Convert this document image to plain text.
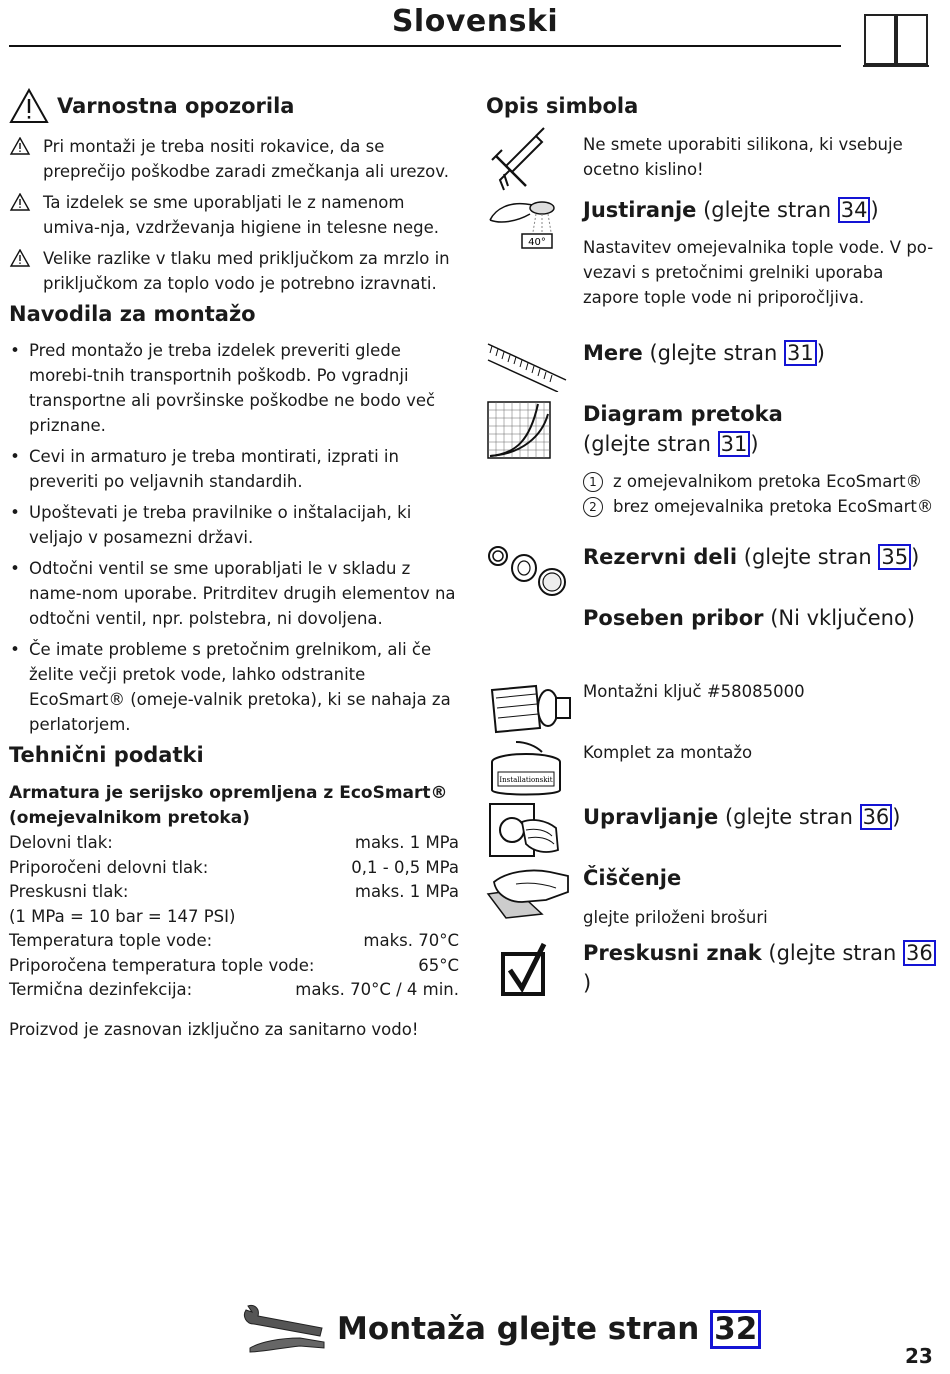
Slovenski
Varnostna opozorila
Pri montaži je treba nositi rokavice, da se preprečijo poškodbe zaradi zmečkanja ali urezov.
Ta izdelek se sme uporabljati le z namenom umiva-nja, vzdrževanja higiene in telesne nege.
Velike razlike v tlaku med priključkom za mrzlo in priključkom za toplo vodo je potrebno izravnati.
Navodila za montažo
• Pred montažo je treba izdelek preveriti glede morebi-tnih transportnih poškodb. Po vgradnji transportne ali površinske poškodbe ne bodo več priznane.
• Cevi in armaturo je treba montirati, izprati in preveriti po veljavnih standardih.
• Upoštevati je treba pravilnike o inštalacijah, ki veljajo v posamezni državi.
• Odtočni ventil se sme uporabljati le v skladu z name-nom uporabe. Pritrditev drugih elementov na odtočni ventil, npr. polstebra, ni dovoljena.
• Če imate probleme s pretočnim grelnikom, ali če želite večji pretok vode, lahko odstranite EcoSmart® (omeje-valnik pretoka), ki se nahaja za perlatorjem.
Tehnični podatki
Armatura je serijsko opremljena z EcoSmart®
(omejevalnikom pretoka)
Delovni tlak:	maks. 1 MPa
Priporočeni delovni tlak:	0,1 - 0,5 MPa
Preskusni tlak:	maks. 1 MPa
(1 MPa = 10 bar = 147 PSI)
Temperatura tople vode:	maks. 70°C
Priporočena temperatura tople vode:	65°C
Termična dezinfekcija:	maks. 70°C / 4 min.
Proizvod je zasnovan izključno za sanitarno vodo!
Opis simbola
Ne smete uporabiti silikona, ki vsebuje ocetno kislino!
40°
Justiranje (glejte stran 34 )
Nastavitev omejevalnika tople vode. V po-vezavi s pretočnimi grelniki uporaba zapore tople vode ni priporočljiva.
Mere (glejte stran 31 )
Diagram pretoka
(glejte stran 31 )
1 z omejevalnikom pretoka EcoSmart®
2 brez omejevalnika pretoka EcoSmart®
Rezervni deli (glejte stran 35 )
Poseben pribor (Ni vključeno)
Montažni ključ #58085000
Installationskit
Komplet za montažo
Upravljanje (glejte stran 36 )
Čiščenje
glejte priloženi brošuri
Preskusni znak (glejte stran 36)
Montaža glejte stran 32
23
